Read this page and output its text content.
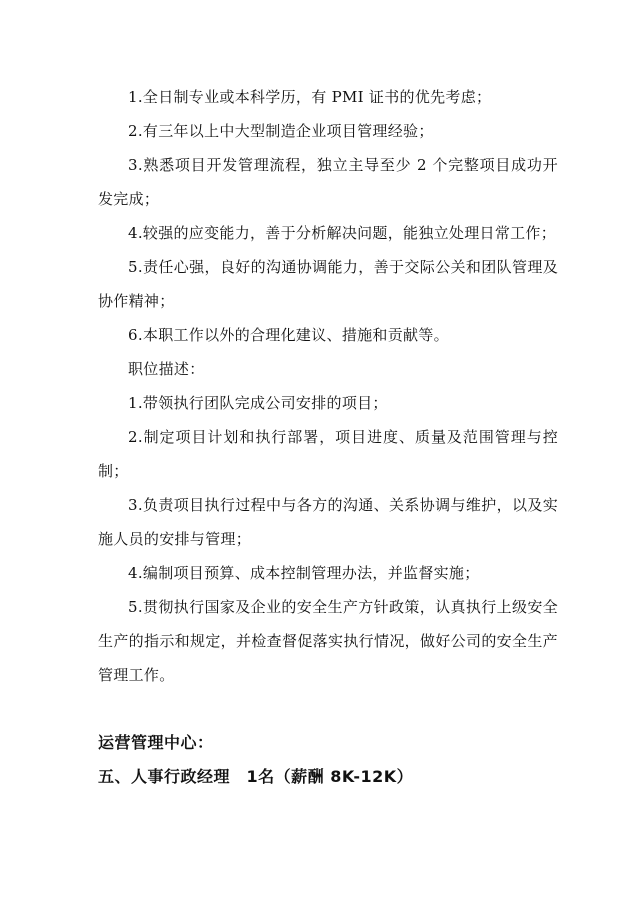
1.全日制专业或本科学历，有 PMI 证书的优先考虑；

2.有三年以上中大型制造企业项目管理经验；

3.熟悉项目开发管理流程，独立主导至少 2 个完整项目成功开发完成；

4.较强的应变能力，善于分析解决问题，能独立处理日常工作；

5.责任心强，良好的沟通协调能力，善于交际公关和团队管理及协作精神；

6.本职工作以外的合理化建议、措施和贡献等。

职位描述：

1.带领执行团队完成公司安排的项目；

2.制定项目计划和执行部署，项目进度、质量及范围管理与控制；

3.负责项目执行过程中与各方的沟通、关系协调与维护，以及实施人员的安排与管理；

4.编制项目预算、成本控制管理办法，并监督实施；

5.贯彻执行国家及企业的安全生产方针政策，认真执行上级安全生产的指示和规定，并检查督促落实执行情况，做好公司的安全生产管理工作。

运营管理中心：

五、人事行政经理　1名（薪酬 8K-12K）
